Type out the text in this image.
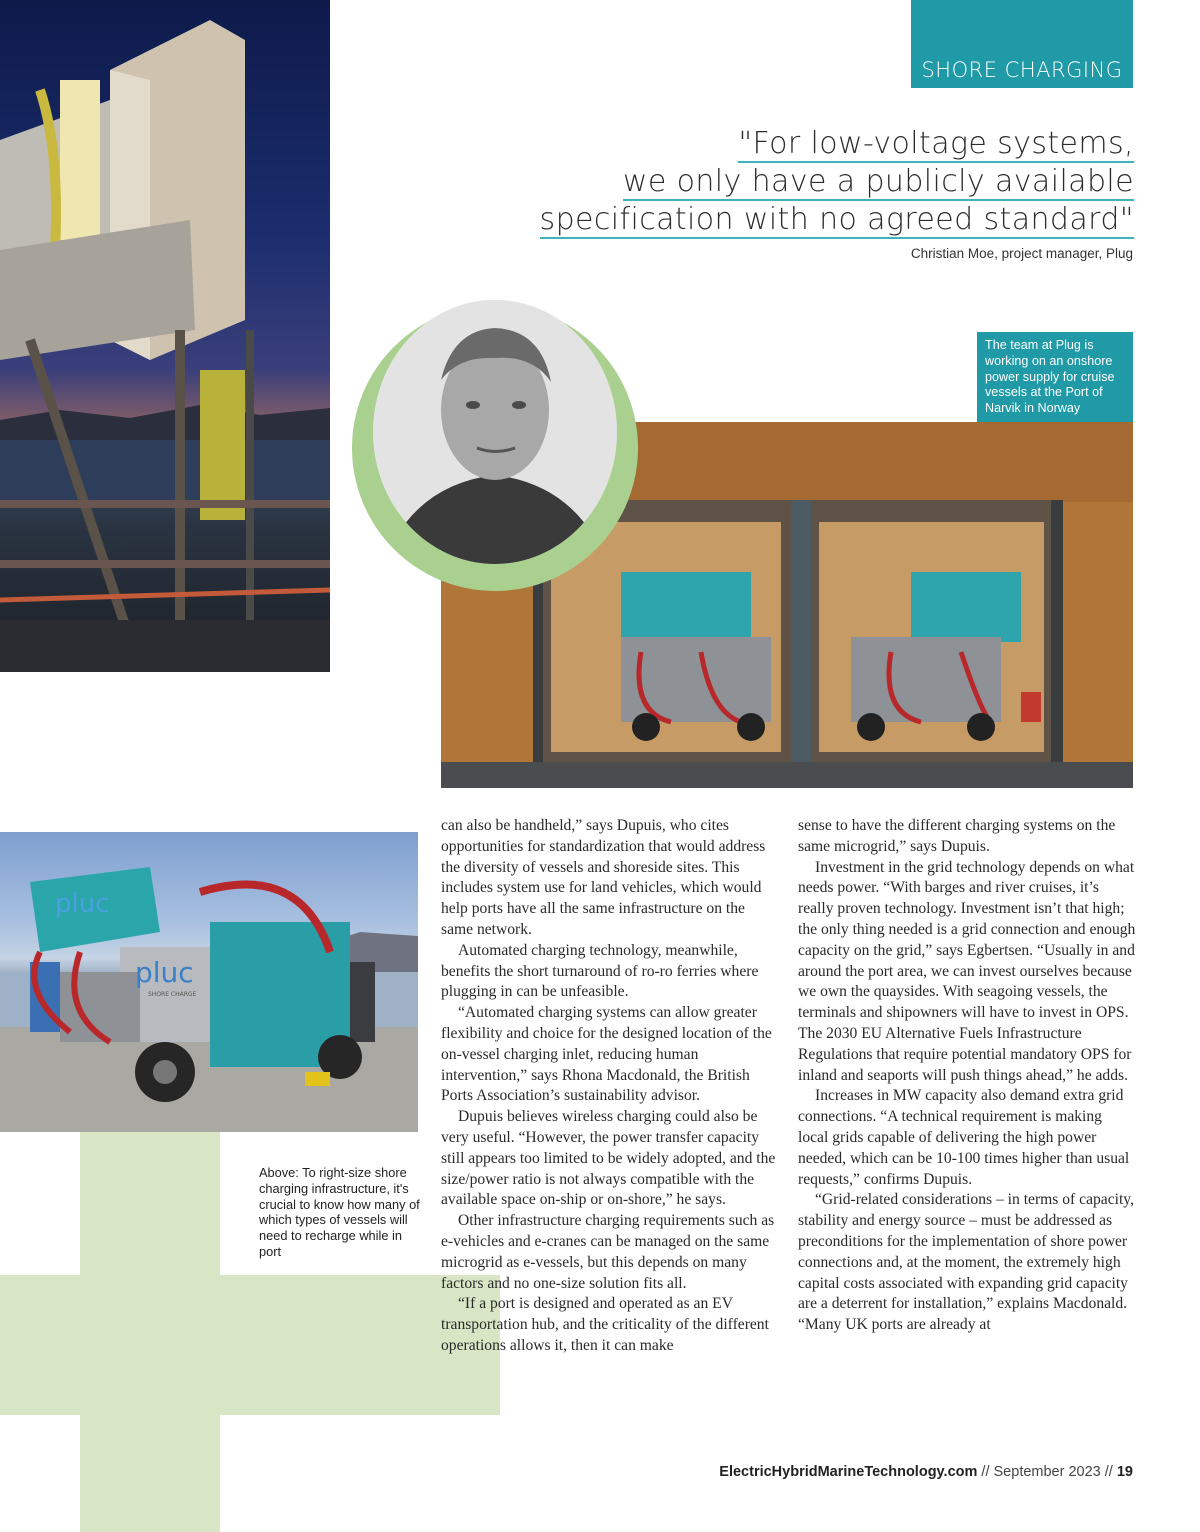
SHORE CHARGING
"For low-voltage systems,
we only have a publicly available
specification with no agreed standard"
Christian Moe, project manager, Plug
The team at Plug is working on an onshore power supply for cruise vessels at the Port of Narvik in Norway
pluc
pluc
SHORE CHARGE
Above: To right-size shore charging infrastructure, it's crucial to know how many of which types of vessels will need to recharge while in port

can also be handheld,” says Dupuis, who cites opportunities for standardization that would address the diversity of vessels and shoreside sites. This includes system use for land vehicles, which would help ports have all the same infrastructure on the same network.

Automated charging technology, meanwhile, benefits the short turnaround of ro-ro ferries where plugging in can be unfeasible.

“Automated charging systems can allow greater flexibility and choice for the designed location of the on-vessel charging inlet, reducing human intervention,” says Rhona Macdonald, the British Ports Association’s sustainability advisor.

Dupuis believes wireless charging could also be very useful. “However, the power transfer capacity still appears too limited to be widely adopted, and the size/power ratio is not always compatible with the available space on-ship or on-shore,” he says.

Other infrastructure charging requirements such as e-vehicles and e-cranes can be managed on the same microgrid as e-vessels, but this depends on many factors and no one-size solution fits all.

“If a port is designed and operated as an EV transportation hub, and the criticality of the different operations allows it, then it can make

sense to have the different charging systems on the same microgrid,” says Dupuis.

Investment in the grid technology depends on what needs power. “With barges and river cruises, it’s really proven technology. Investment isn’t that high; the only thing needed is a grid connection and enough capacity on the grid,” says Egbertsen. “Usually in and around the port area, we can invest ourselves because we own the quaysides. With seagoing vessels, the terminals and shipowners will have to invest in OPS. The 2030 EU Alternative Fuels Infrastructure Regulations that require potential mandatory OPS for inland and seaports will push things ahead,” he adds.

Increases in MW capacity also demand extra grid connections. “A technical requirement is making local grids capable of delivering the high power needed, which can be 10-100 times higher than usual requests,” confirms Dupuis.

“Grid-related considerations – in terms of capacity, stability and energy source – must be addressed as preconditions for the implementation of shore power connections and, at the moment, the extremely high capital costs associated with expanding grid capacity are a deterrent for installation,” explains Macdonald. “Many UK ports are already at

ElectricHybridMarineTechnology.com // September 2023 // 19
